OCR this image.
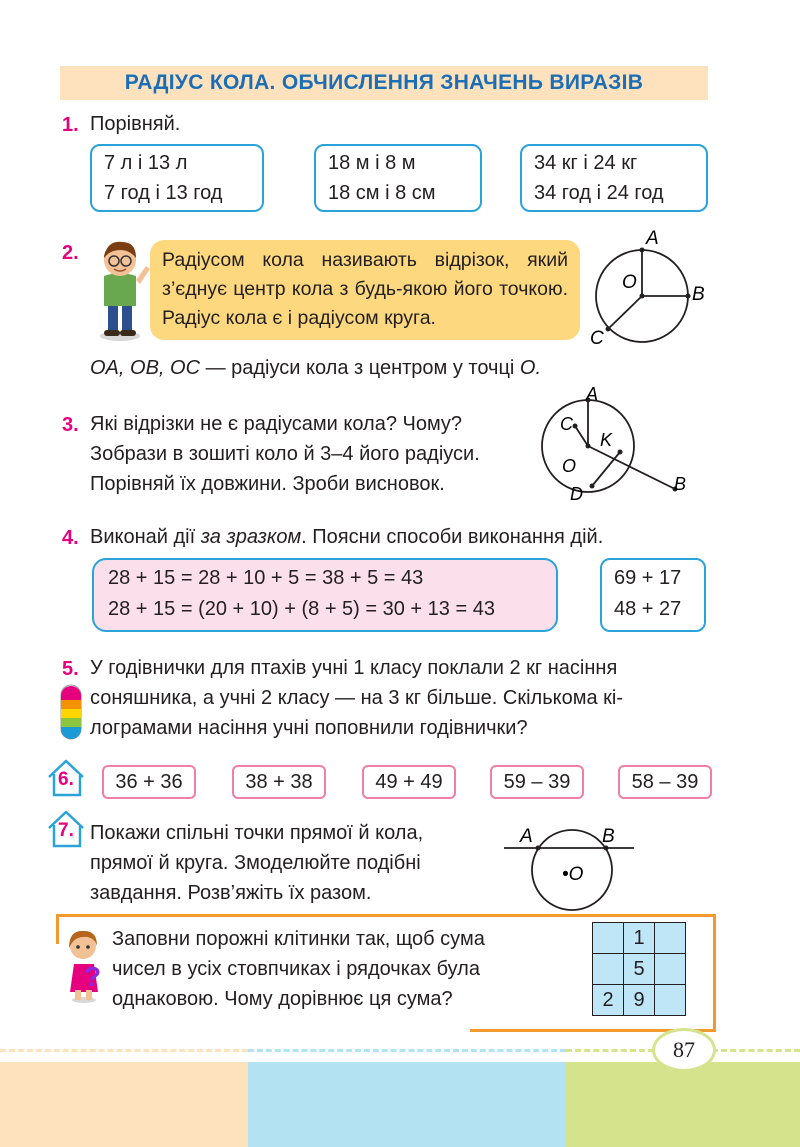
РАДІУС КОЛА. ОБЧИСЛЕННЯ ЗНАЧЕНЬ ВИРАЗІВ
1. Порівняй.
7 л і 13 л
7 год і 13 год
18 м і 8 м
18 см і 8 см
34 кг і 24 кг
34 год і 24 год
2.	Радіусом кола називають відрізок, який з’єднує центр кола з будь-якою його точкою. Радіус кола є і радіусом круга.
A
O
B
C
OA, OB, OC — радіуси кола з центром у точці O.
3. Які відрізки не є радіусами кола? Чому?
Зобрази в зошиті коло й 3–4 його радіуси.
Порівняй їх довжини. Зроби висновок.
A
C
K
O
D	B
4. Виконай дії за зразком. Поясни способи виконання дій.
28 + 15 = 28 + 10 + 5 = 38 + 5 = 43
28 + 15 = (20 + 10) + (8 + 5) = 30 + 13 = 43
69 + 17
48 + 27
5. У годівнички для птахів учні 1 класу поклали 2 кг насіння
соняшника, а учні 2 класу — на 3 кг більше. Скількома кі-
лограмами насіння учні поповнили годівнички?
6.	36 + 36	38 + 38	49 + 49	59 – 39	58 – 39
7. Покажи спільні точки прямої й кола,
прямої й круга. Змоделюйте подібні
завдання. Розв’яжіть їх разом.
A	B
•O
?
Заповни порожні клітинки так, щоб сума
чисел в усіх стовпчиках і рядочках була
однаковою. Чому дорівнює ця сума?
	1	
	5	
2	9	
87
